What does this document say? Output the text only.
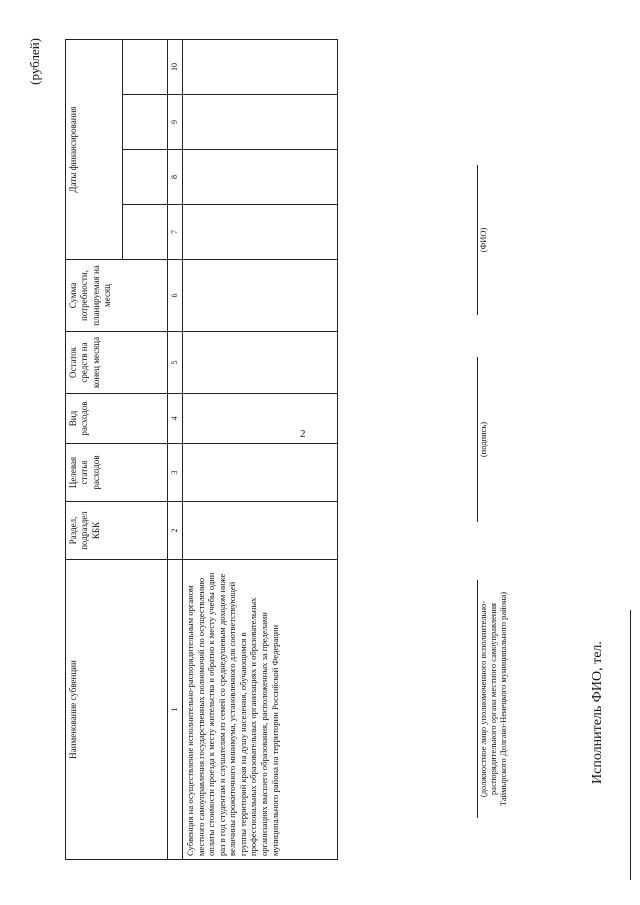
2
(рублей)
Наименование субвенции	Раздел, подраздел КБК	Целевая статья расходов	Вид расходов	Остаток средств на конец месяца	Сумма потребности, планируемая на месяц	Даты финансирования			

1	2	3	4	5	6	7	8	9	10
Субвенция на осуществление исполнительно-распорядительным органом местного самоуправления государственных полномочий по осуществлению оплаты стоимости проезда к месту жительства и обратно к месту учебы один раз в год студентам и слушателям из семей со среднедушевым доходом ниже величины прожиточного минимума, установленного для соответствующей группы территорий края на душу населения, обучающимся в профессиональных образовательных организациях и образовательных организациях высшего образования, расположенных за пределами муниципального района на территории Российской Федерации										(должностное лицо уполномоченного исполнительно-распорядительного органа местного самоуправления Таймырского Долгано-Ненецкого муниципального района)
(подпись)
(ФИО)
Исполнитель ФИО, тел.
